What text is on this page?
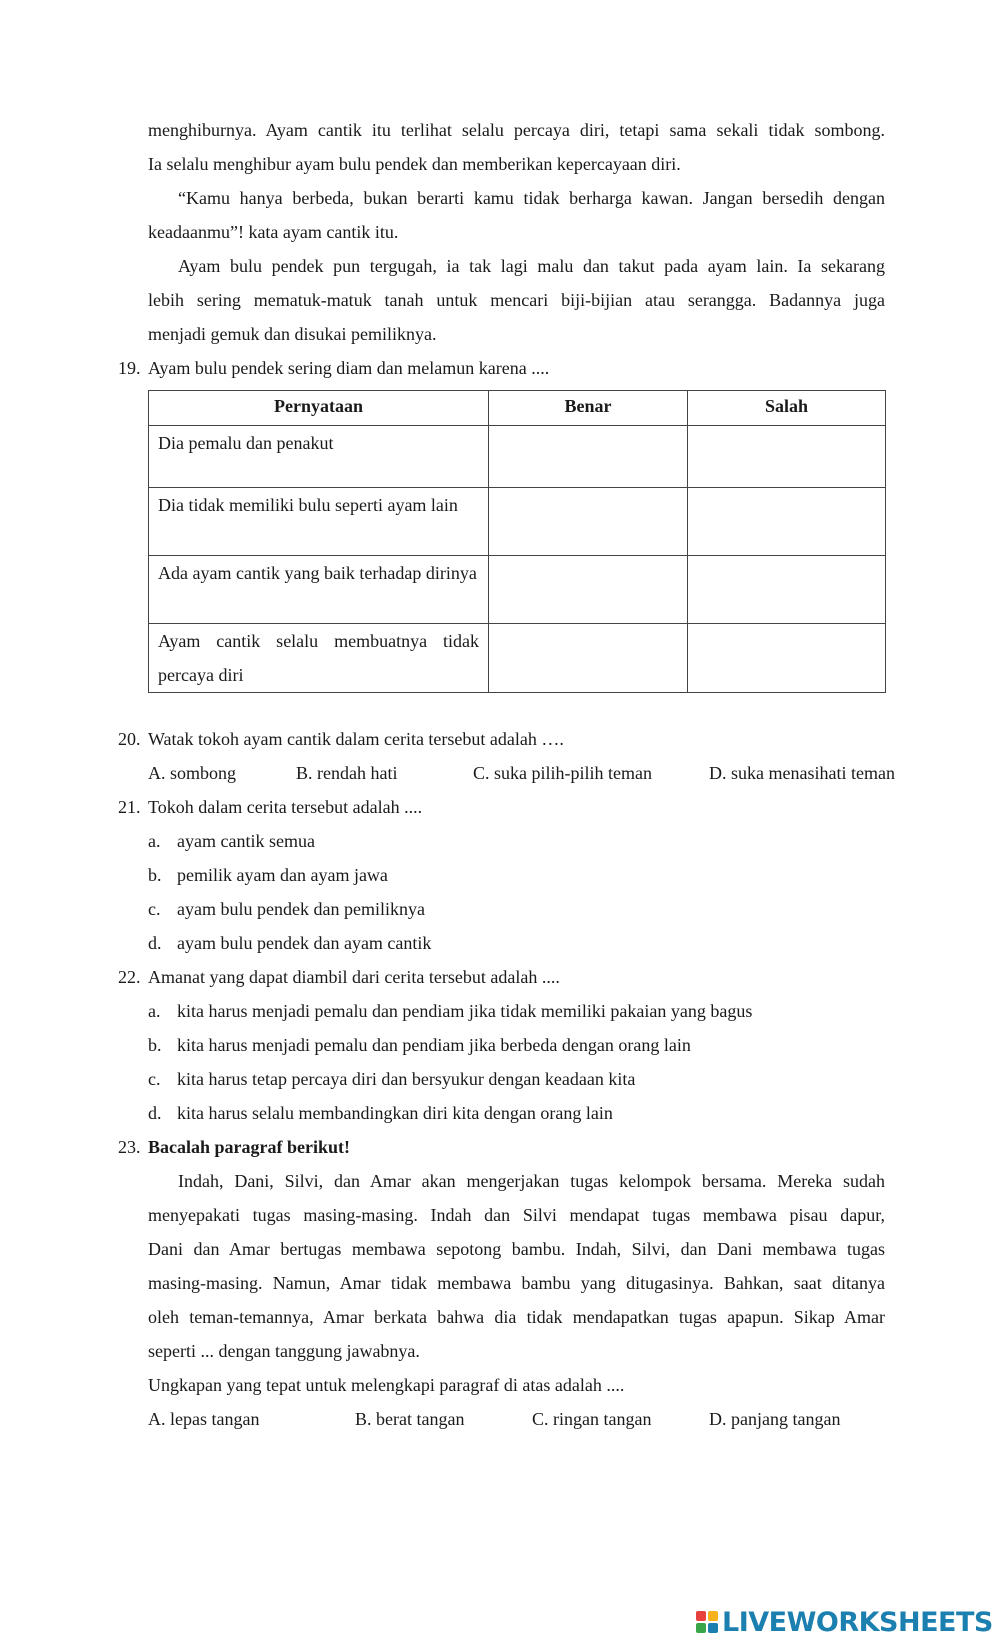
menghiburnya. Ayam cantik itu terlihat selalu percaya diri, tetapi sama sekali tidak sombong.
Ia selalu menghibur ayam bulu pendek dan memberikan kepercayaan diri.
“Kamu hanya berbeda, bukan berarti kamu tidak berharga kawan. Jangan bersedih dengan
keadaanmu”! kata ayam cantik itu.
Ayam bulu pendek pun tergugah, ia tak lagi malu dan takut pada ayam lain. Ia sekarang
lebih sering mematuk-matuk tanah untuk mencari biji-bijian atau serangga. Badannya juga
menjadi gemuk dan disukai pemiliknya.
19. Ayam bulu pendek sering diam dan melamun karena ....
Pernyataan	Benar	Salah
Dia pemalu dan penakut		
Dia tidak memiliki bulu seperti ayam lain		
Ada ayam cantik yang baik terhadap dirinya		
Ayam cantik selalu membuatnya tidak percaya diri		
20. Watak tokoh ayam cantik dalam cerita tersebut adalah ….
A. sombong	B. rendah hati	C. suka pilih-pilih teman	D. suka menasihati teman
21. Tokoh dalam cerita tersebut adalah ....
a. ayam cantik semua
b. pemilik ayam dan ayam jawa
c. ayam bulu pendek dan pemiliknya
d. ayam bulu pendek dan ayam cantik
22. Amanat yang dapat diambil dari cerita tersebut adalah ....
a. kita harus menjadi pemalu dan pendiam jika tidak memiliki pakaian yang bagus
b. kita harus menjadi pemalu dan pendiam jika berbeda dengan orang lain
c. kita harus tetap percaya diri dan bersyukur dengan keadaan kita
d. kita harus selalu membandingkan diri kita dengan orang lain
23. Bacalah paragraf berikut!
Indah, Dani, Silvi, dan Amar akan mengerjakan tugas kelompok bersama. Mereka sudah
menyepakati tugas masing-masing. Indah dan Silvi mendapat tugas membawa pisau dapur,
Dani dan Amar bertugas membawa sepotong bambu. Indah, Silvi, dan Dani membawa tugas
masing-masing. Namun, Amar tidak membawa bambu yang ditugasinya. Bahkan, saat ditanya
oleh teman-temannya, Amar berkata bahwa dia tidak mendapatkan tugas apapun. Sikap Amar
seperti ... dengan tanggung jawabnya.
Ungkapan yang tepat untuk melengkapi paragraf di atas adalah ....
A. lepas tangan	B. berat tangan	C. ringan tangan	D. panjang tangan
LIVEWORKSHEETS
